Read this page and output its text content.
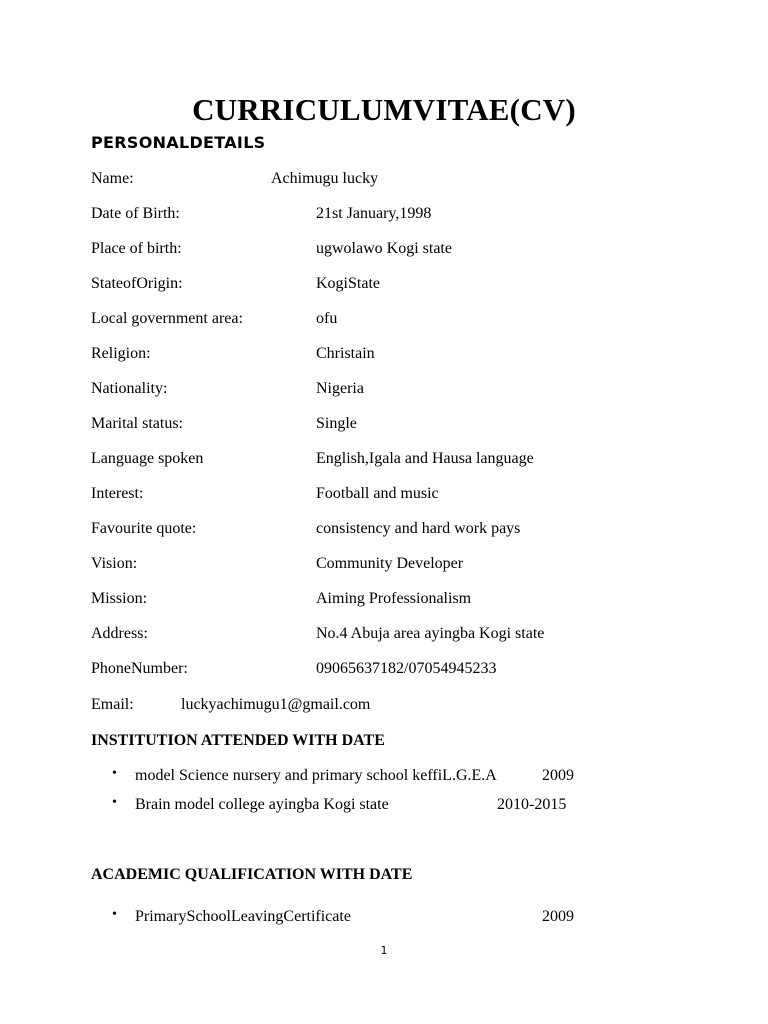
CURRICULUMVITAE(CV)
PERSONALDETAILS
Name:	Achimugu lucky
Date of Birth:	21st January,1998
Place of birth:	ugwolawo Kogi state
StateofOrigin:	KogiState
Local government area:	ofu
Religion:	Christain
Nationality:	Nigeria
Marital status:	Single
Language spoken	English,Igala and Hausa language
Interest:	Football and music
Favourite quote:	consistency and hard work pays
Vision:	Community Developer
Mission:	Aiming Professionalism
Address:	No.4 Abuja area ayingba Kogi state
PhoneNumber:	09065637182/07054945233
Email:	luckyachimugu1@gmail.com
INSTITUTION ATTENDED WITH DATE
• model Science nursery and primary school keffiL.G.E.A	2009
• Brain model college ayingba Kogi state	2010-2015
ACADEMIC QUALIFICATION WITH DATE
• PrimarySchoolLeavingCertificate	2009
1
